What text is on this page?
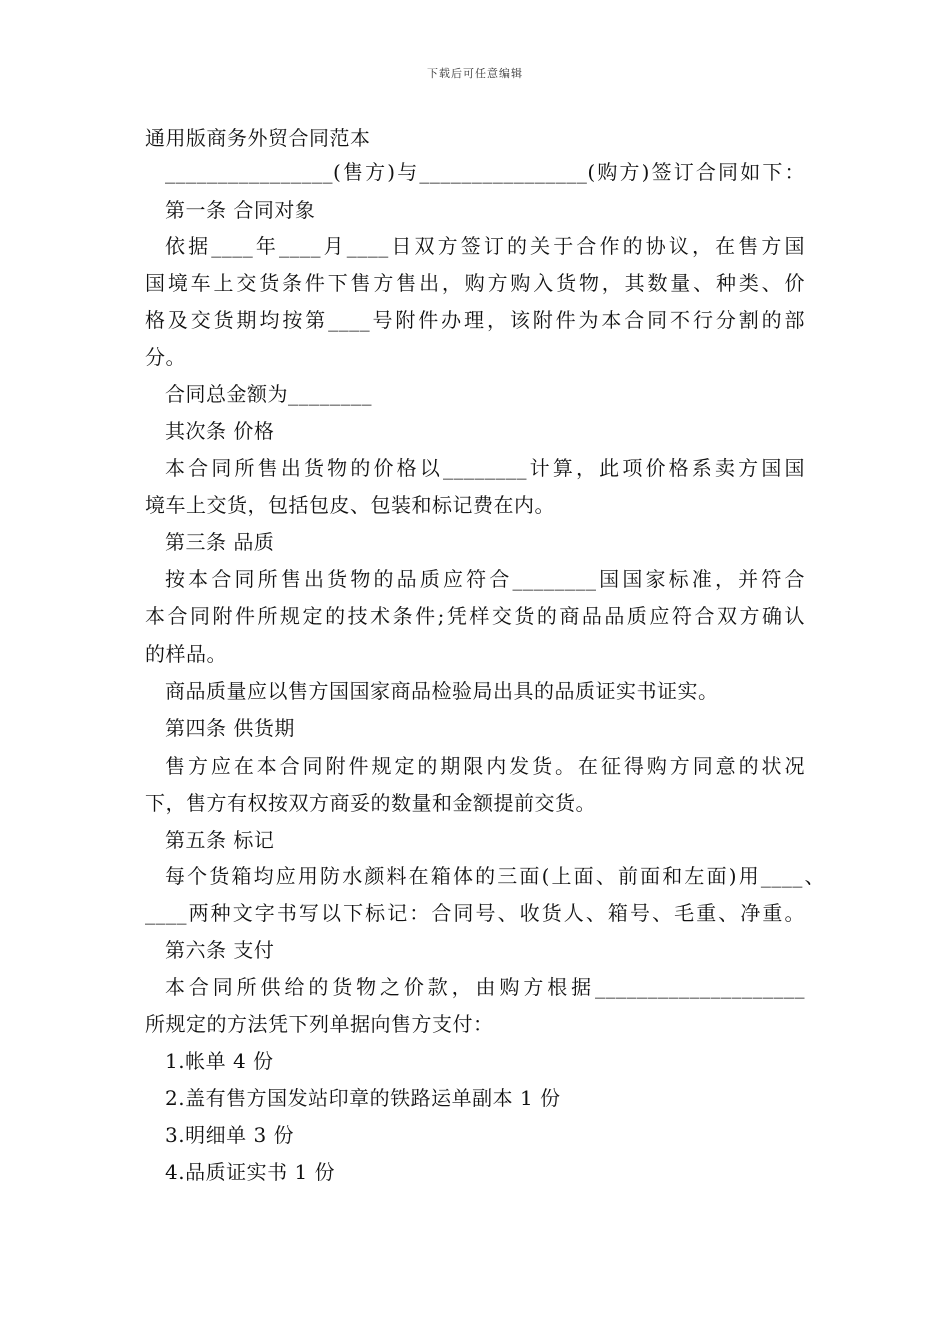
下载后可任意编辑
通用版商务外贸合同范本
________________(售方)与________________(购方)签订合同如下：
第一条 合同对象
依据____年____月____日双方签订的关于合作的协议，在售方国
国境车上交货条件下售方售出，购方购入货物，其数量、种类、价
格及交货期均按第____号附件办理，该附件为本合同不行分割的部
分。
合同总金额为________
其次条 价格
本合同所售出货物的价格以________计算，此项价格系卖方国国
境车上交货，包括包皮、包装和标记费在内。
第三条 品质
按本合同所售出货物的品质应符合________国国家标准，并符合
本合同附件所规定的技术条件;凭样交货的商品品质应符合双方确认
的样品。
商品质量应以售方国国家商品检验局出具的品质证实书证实。
第四条 供货期
售方应在本合同附件规定的期限内发货。在征得购方同意的状况
下，售方有权按双方商妥的数量和金额提前交货。
第五条 标记
每个货箱均应用防水颜料在箱体的三面(上面、前面和左面)用____、
____两种文字书写以下标记：合同号、收货人、箱号、毛重、净重。
第六条 支付
本合同所供给的货物之价款，由购方根据____________________
所规定的方法凭下列单据向售方支付：
1.帐单 4 份
2.盖有售方国发站印章的铁路运单副本 1 份
3.明细单 3 份
4.品质证实书 1 份
